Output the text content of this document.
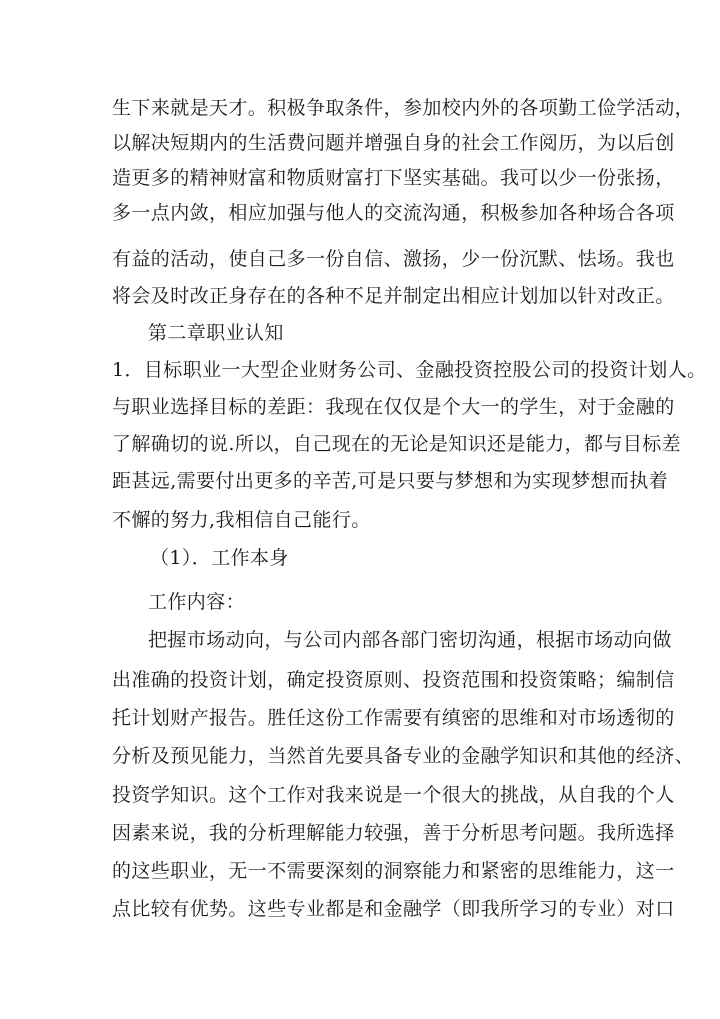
生下来就是天才。积极争取条件，参加校内外的各项勤工俭学活动，
以解决短期内的生活费问题并增强自身的社会工作阅历，为以后创
造更多的精神财富和物质财富打下坚实基础。我可以少一份张扬，
多一点内敛，相应加强与他人的交流沟通，积极参加各种场合各项
有益的活动，使自己多一份自信、激扬，少一份沉默、怯场。我也
将会及时改正身存在的各种不足并制定出相应计划加以针对改正。
第二章职业认知
1．目标职业一大型企业财务公司、金融投资控股公司的投资计划人。
与职业选择目标的差距：我现在仅仅是个大一的学生，对于金融的
了解确切的说.所以，自己现在的无论是知识还是能力，都与目标差
距甚远,需要付出更多的辛苦,可是只要与梦想和为实现梦想而执着
不懈的努力,我相信自己能行。
（1）．工作本身
工作内容：
把握市场动向，与公司内部各部门密切沟通，根据市场动向做
出准确的投资计划，确定投资原则、投资范围和投资策略；编制信
托计划财产报告。胜任这份工作需要有缜密的思维和对市场透彻的
分析及预见能力，当然首先要具备专业的金融学知识和其他的经济、
投资学知识。这个工作对我来说是一个很大的挑战，从自我的个人
因素来说，我的分析理解能力较强，善于分析思考问题。我所选择
的这些职业，无一不需要深刻的洞察能力和紧密的思维能力，这一
点比较有优势。这些专业都是和金融学（即我所学习的专业）对口
